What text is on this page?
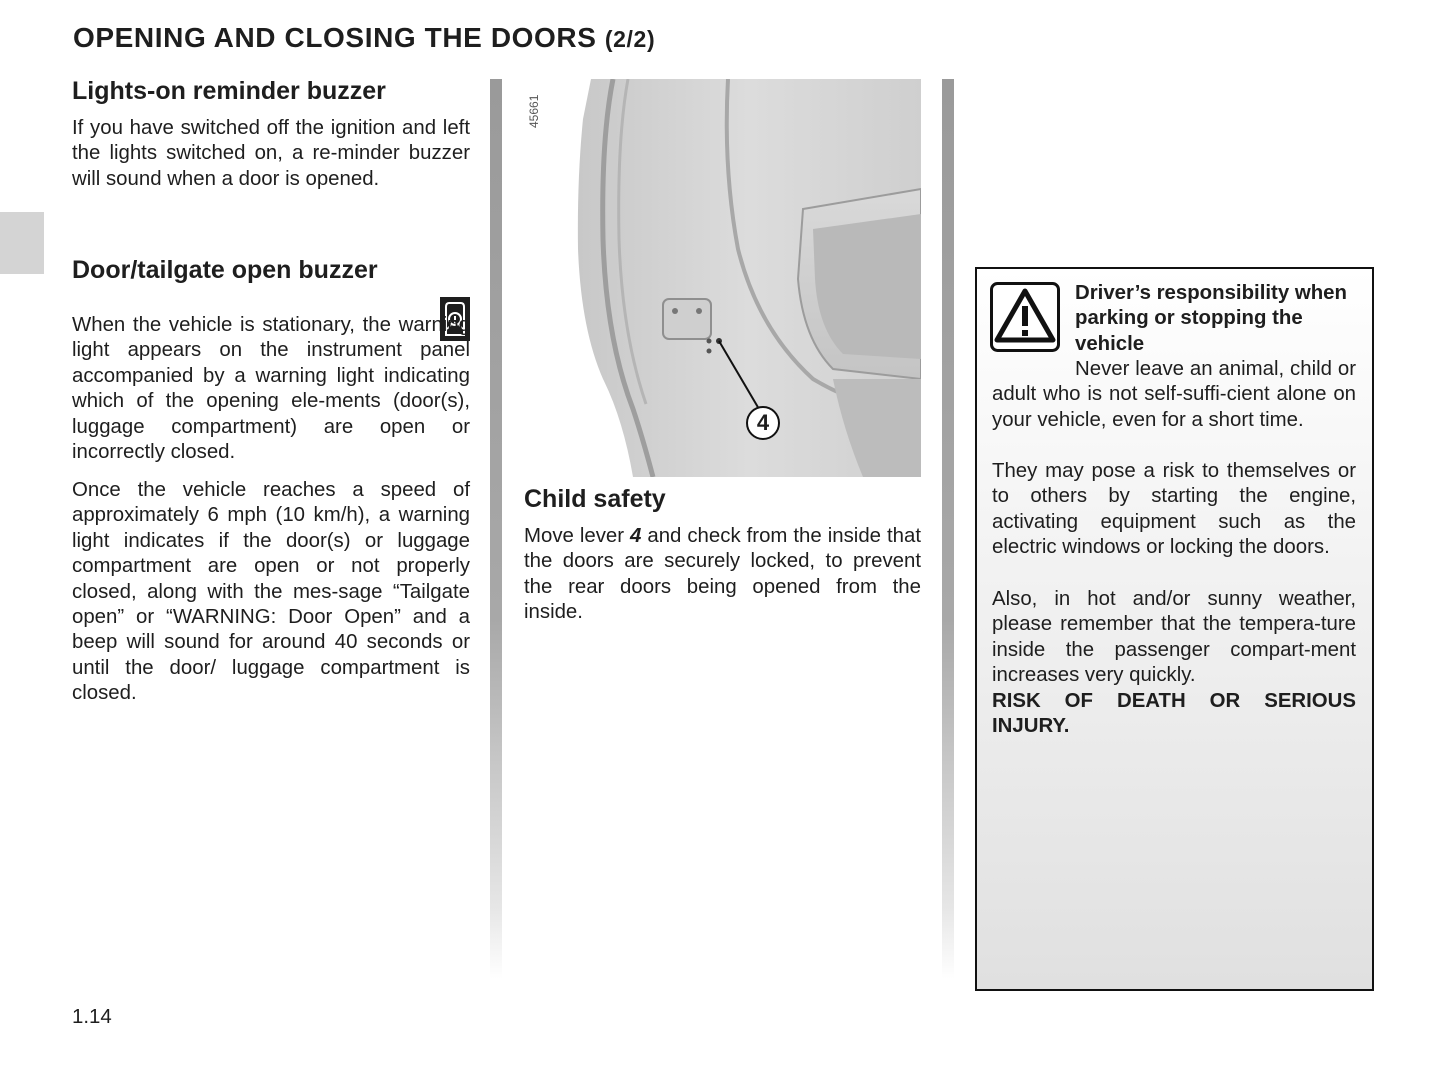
OPENING AND CLOSING THE DOORS (2/2)
Lights-on reminder buzzer

If you have switched off the ignition and left the lights switched on, a re-minder buzzer will sound when a door is opened.

Door/tailgate open buzzer

When the vehicle is stationary, the warning light appears on the instrument panel accompanied by a warning light indicating which of the opening ele-ments (door(s), luggage compartment) are open or incorrectly closed.

Once the vehicle reaches a speed of approximately 6 mph (10 km/h), a warning light indicates if the door(s) or luggage compartment are open or not properly closed, along with the mes-sage “Tailgate open” or “WARNING: Door Open” and a beep will sound for around 40 seconds or until the door/ luggage compartment is closed.

45661
4
Child safety

Move lever 4 and check from the inside that the doors are securely locked, to prevent the rear doors being opened from the inside.

Driver’s responsibility when parking or stopping the vehicle

Never leave an animal, child or adult who is not self-suffi-cient alone on your vehicle, even for a short time.

They may pose a risk to themselves or to others by starting the engine, activating equipment such as the electric windows or locking the doors.

Also, in hot and/or sunny weather, please remember that the tempera-ture inside the passenger compart-ment increases very quickly.

RISK OF DEATH OR SERIOUS INJURY.

1.14
